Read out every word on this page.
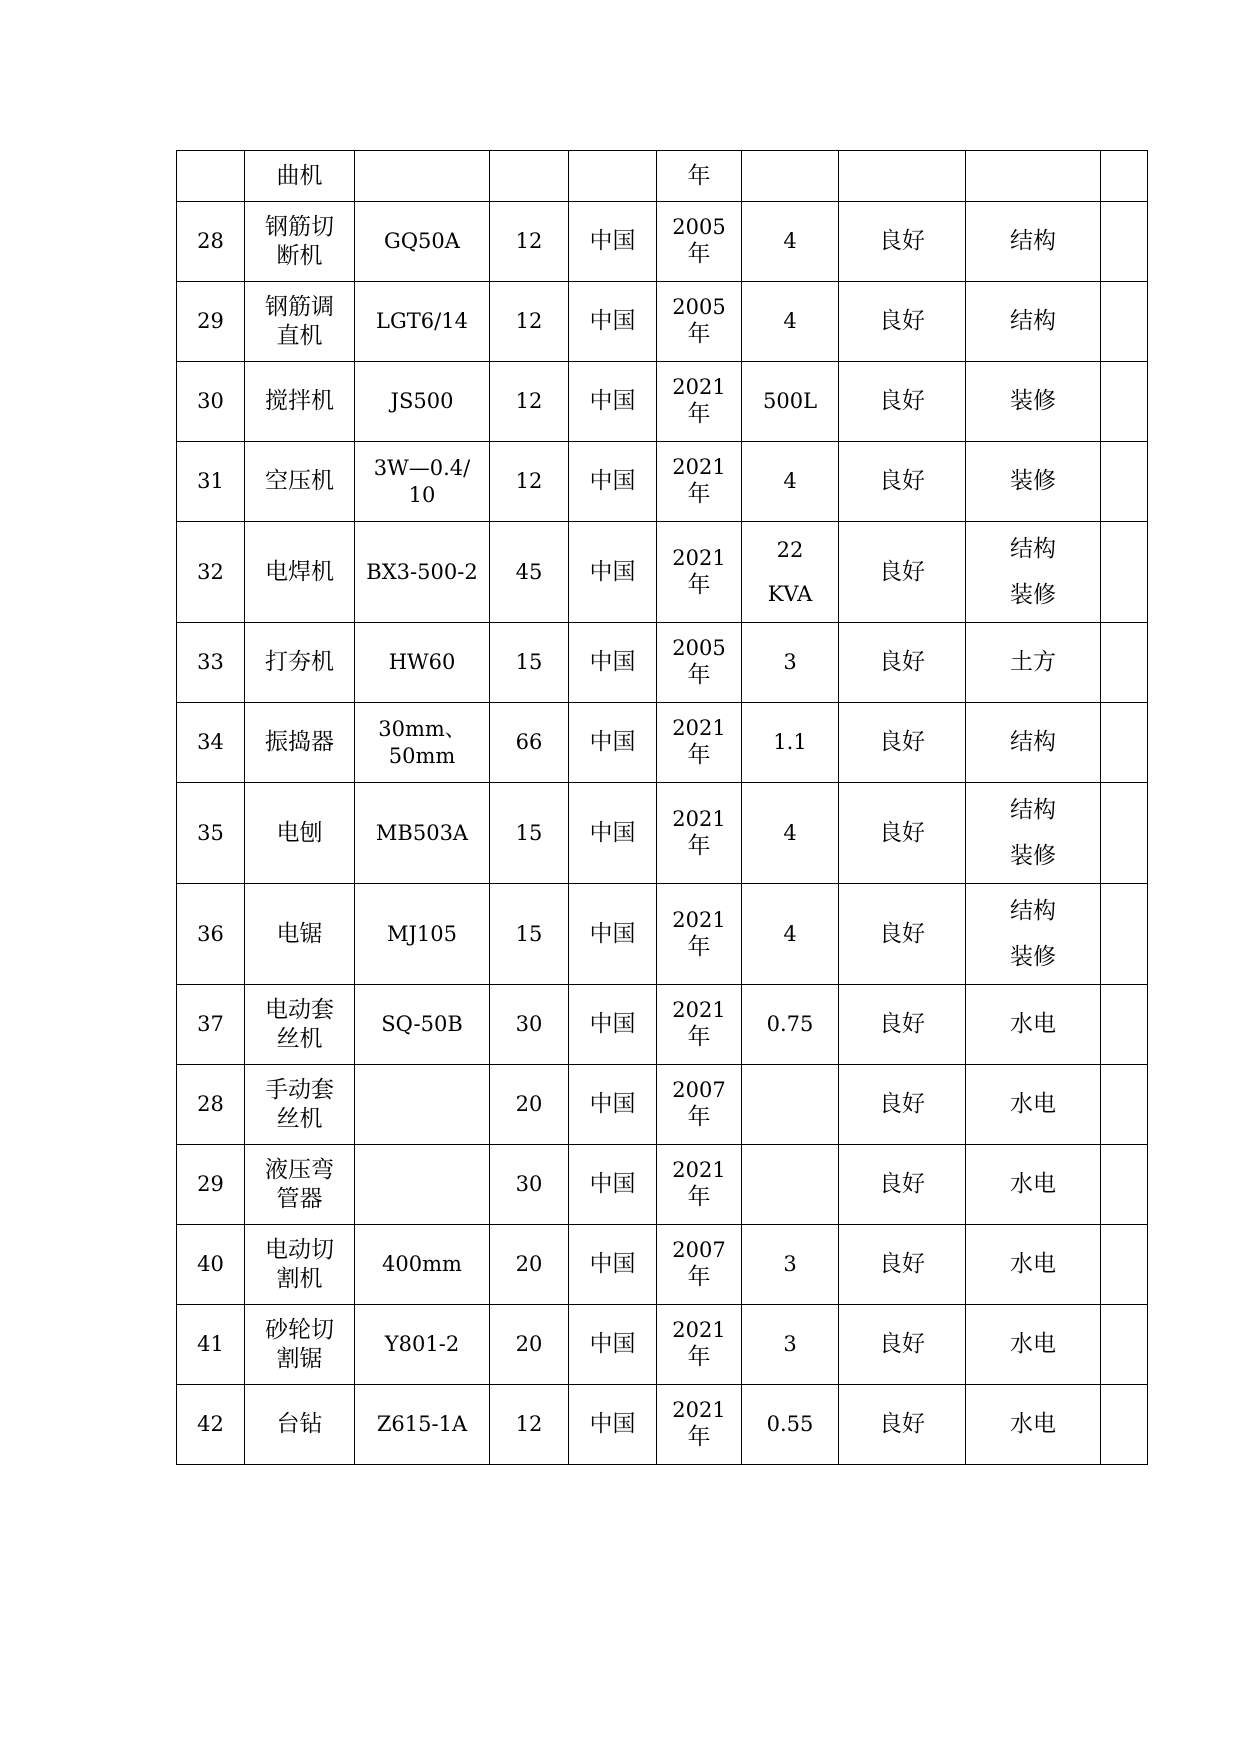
	曲机				年				

28	钢筋切
断机	GQ50A	12	中国	2005
年	4	良好	结构	

29	钢筋调
直机	LGT6/14	12	中国	2005
年	4	良好	结构	

30	搅拌机	JS500	12	中国	2021
年	500L	良好	装修	

31	空压机	3W—0.4/
10	12	中国	2021
年	4	良好	装修	

32	电焊机	BX3-500-2	45	中国	2021
年	22
KVA	良好	结构
装修	

33	打夯机	HW60	15	中国	2005
年	3	良好	土方	

34	振捣器	30mm、50mm	66	中国	2021
年	1.1	良好	结构	

35	电刨	MB503A	15	中国	2021
年	4	良好	结构
装修	

36	电锯	MJ105	15	中国	2021
年	4	良好	结构
装修	

37	电动套
丝机	SQ-50B	30	中国	2021
年	0.75	良好	水电	

28	手动套
丝机		20	中国	2007
年		良好	水电	

29	液压弯
管器		30	中国	2021
年		良好	水电	

40	电动切
割机	400mm	20	中国	2007
年	3	良好	水电	

41	砂轮切
割锯	Y801-2	20	中国	2021
年	3	良好	水电	

42	台钻	Z615-1A	12	中国	2021
年	0.55	良好	水电	
